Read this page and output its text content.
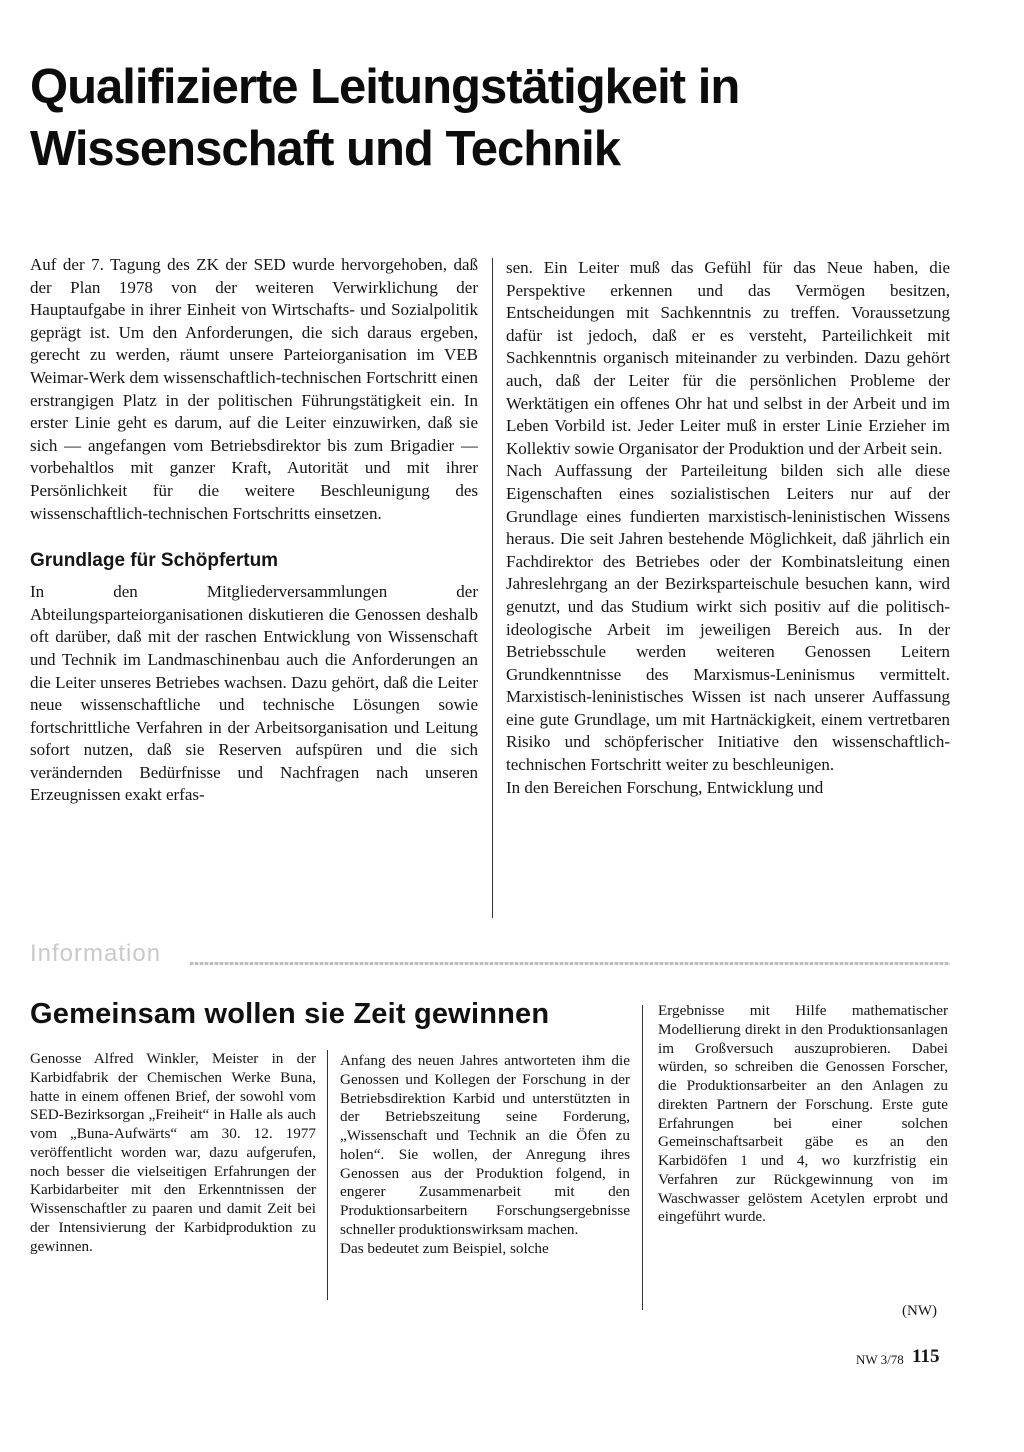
Qualifizierte Leitungstätigkeit in Wissenschaft und Technik

Auf der 7. Tagung des ZK der SED wurde hervorgehoben, daß der Plan 1978 von der weiteren Verwirklichung der Hauptaufgabe in ihrer Einheit von Wirtschafts- und Sozialpolitik geprägt ist. Um den Anforderungen, die sich daraus ergeben, gerecht zu werden, räumt unsere Parteiorganisation im VEB Weimar-Werk dem wissenschaftlich-technischen Fortschritt einen erstrangigen Platz in der politischen Führungstätigkeit ein. In erster Linie geht es darum, auf die Leiter einzuwirken, daß sie sich — angefangen vom Betriebsdirektor bis zum Brigadier — vorbehaltlos mit ganzer Kraft, Autorität und mit ihrer Persönlichkeit für die weitere Beschleunigung des wissenschaftlich-technischen Fortschritts einsetzen.

Grundlage für Schöpfertum

In den Mitgliederversammlungen der Abteilungsparteiorganisationen diskutieren die Genossen deshalb oft darüber, daß mit der raschen Entwicklung von Wissenschaft und Technik im Landmaschinenbau auch die Anforderungen an die Leiter unseres Betriebes wachsen. Dazu gehört, daß die Leiter neue wissenschaftliche und technische Lösungen sowie fortschrittliche Verfahren in der Arbeitsorganisation und Leitung sofort nutzen, daß sie Reserven aufspüren und die sich verändernden Bedürfnisse und Nachfragen nach unseren Erzeugnissen exakt erfas-

sen. Ein Leiter muß das Gefühl für das Neue haben, die Perspektive erkennen und das Vermögen besitzen, Entscheidungen mit Sachkenntnis zu treffen. Voraussetzung dafür ist jedoch, daß er es versteht, Parteilichkeit mit Sachkenntnis organisch miteinander zu verbinden. Dazu gehört auch, daß der Leiter für die persönlichen Probleme der Werktätigen ein offenes Ohr hat und selbst in der Arbeit und im Leben Vorbild ist. Jeder Leiter muß in erster Linie Erzieher im Kollektiv sowie Organisator der Produktion und der Arbeit sein.

Nach Auffassung der Parteileitung bilden sich alle diese Eigenschaften eines sozialistischen Leiters nur auf der Grundlage eines fundierten marxistisch-leninistischen Wissens heraus. Die seit Jahren bestehende Möglichkeit, daß jährlich ein Fachdirektor des Betriebes oder der Kombinatsleitung einen Jahreslehrgang an der Bezirksparteischule besuchen kann, wird genutzt, und das Studium wirkt sich positiv auf die politisch-ideologische Arbeit im jeweiligen Bereich aus. In der Betriebsschule werden weiteren Genossen Leitern Grundkenntnisse des Marxismus-Leninismus vermittelt. Marxistisch-leninistisches Wissen ist nach unserer Auffassung eine gute Grundlage, um mit Hartnäckigkeit, einem vertretbaren Risiko und schöpferischer Initiative den wissenschaftlich-technischen Fortschritt weiter zu beschleunigen.

In den Bereichen Forschung, Entwicklung und

Information
Gemeinsam wollen sie Zeit gewinnen

Genosse Alfred Winkler, Meister in der Karbidfabrik der Chemischen Werke Buna, hatte in einem offenen Brief, der sowohl vom SED-Bezirksorgan „Freiheit“ in Halle als auch vom „Buna-Aufwärts“ am 30. 12. 1977 veröffentlicht worden war, dazu aufgerufen, noch besser die vielseitigen Erfahrungen der Karbidarbeiter mit den Erkenntnissen der Wissenschaftler zu paaren und damit Zeit bei der Intensivierung der Karbidproduktion zu gewinnen.

Anfang des neuen Jahres antworteten ihm die Genossen und Kollegen der Forschung in der Betriebsdirektion Karbid und unterstützten in der Betriebszeitung seine Forderung, „Wissenschaft und Technik an die Öfen zu holen“. Sie wollen, der Anregung ihres Genossen aus der Produktion folgend, in engerer Zusammenarbeit mit den Produktionsarbeitern Forschungsergebnisse schneller produktionswirksam machen.

Das bedeutet zum Beispiel, solche

Ergebnisse mit Hilfe mathematischer Modellierung direkt in den Produktionsanlagen im Großversuch auszuprobieren. Dabei würden, so schreiben die Genossen Forscher, die Produktionsarbeiter an den Anlagen zu direkten Partnern der Forschung. Erste gute Erfahrungen bei einer solchen Gemeinschaftsarbeit gäbe es an den Karbidöfen 1 und 4, wo kurzfristig ein Verfahren zur Rückgewinnung von im Waschwasser gelöstem Acetylen erprobt und eingeführt wurde.

(NW)
NW 3/78 115
